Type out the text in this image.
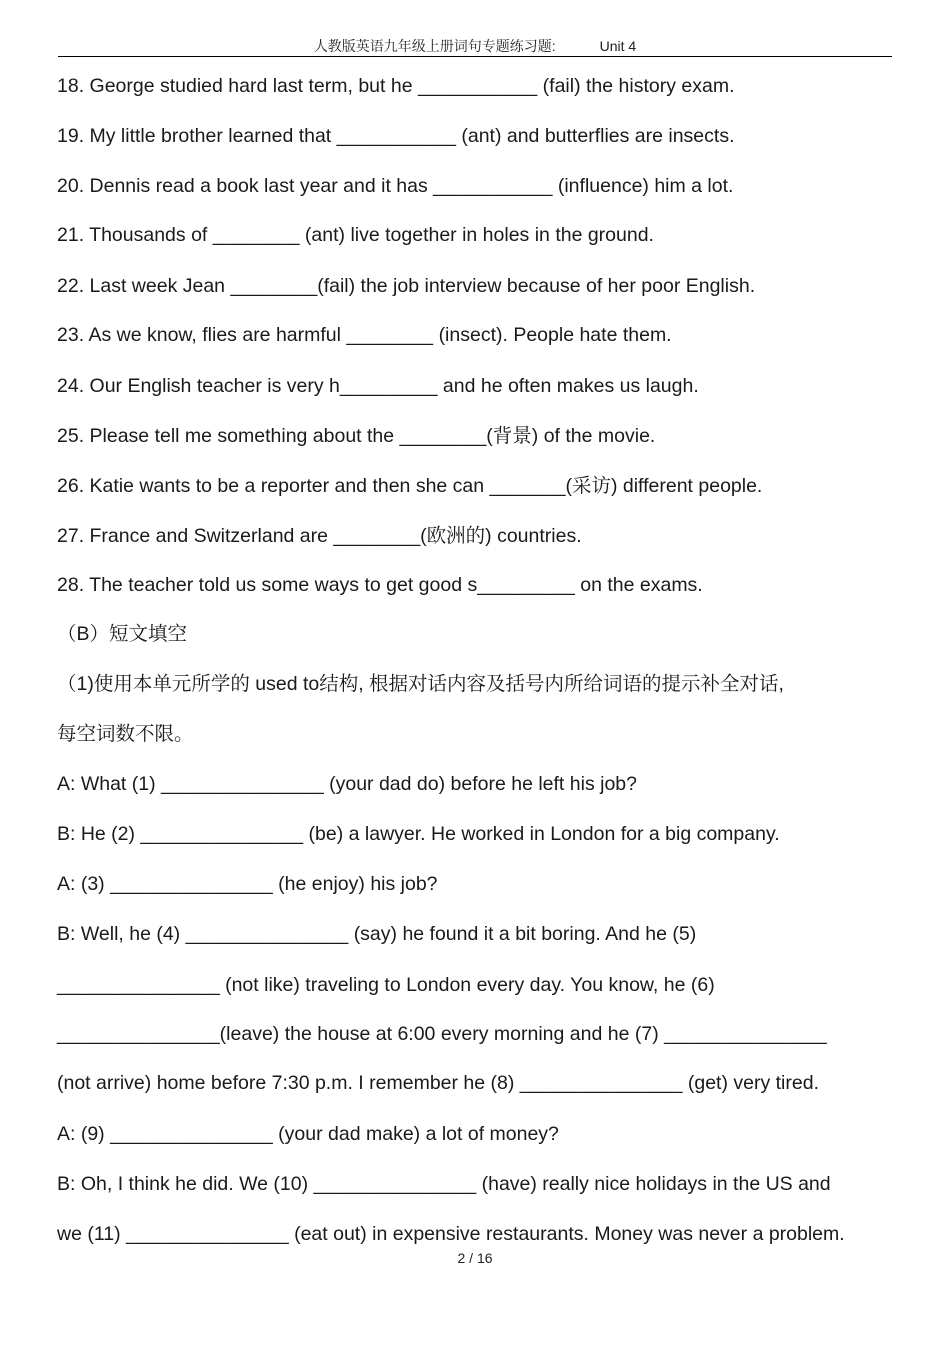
人教版英语九年级上册词句专题练习题:	Unit 4
18. George studied hard last term, but he ___________ (fail) the history exam.
19. My little brother learned that ___________ (ant) and butterflies are insects.
20. Dennis read a book last year and it has ___________ (influence) him a lot.
21. Thousands of ________ (ant) live together in holes in the ground.
22. Last week Jean ________(fail) the job interview because of her poor English.
23. As we know, flies are harmful ________ (insect). People hate them.
24. Our English teacher is very h_________ and he often makes us laugh.
25. Please tell me something about the ________(背景) of the movie.
26. Katie wants to be a reporter and then she can _______(采访) different people.
27. France and Switzerland are ________(欧洲的) countries.
28. The teacher told us some ways to get good s_________ on the exams.
（B）短文填空
（1)使用本单元所学的 used to结构, 根据对话内容及括号内所给词语的提示补全对话,
每空词数不限。
A: What (1) _______________ (your dad do) before he left his job?
B: He (2) _______________ (be) a lawyer. He worked in London for a big company.
A: (3) _______________ (he enjoy) his job?
B: Well, he (4) _______________ (say) he found it a bit boring. And he (5)
_______________ (not like) traveling to London every day. You know, he (6)
_______________(leave) the house at 6:00 every morning and he (7) _______________
(not arrive) home before 7:30 p.m. I remember he (8) _______________ (get) very tired.
A: (9) _______________ (your dad make) a lot of money?
B: Oh, I think he did. We (10) _______________ (have) really nice holidays in the US and
we (11) _______________ (eat out) in expensive restaurants. Money was never a problem.
2 / 16
